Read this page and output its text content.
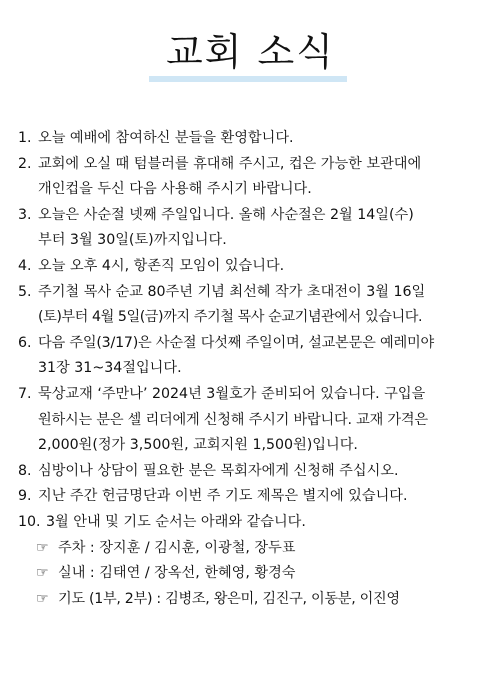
교회 소식
1. 오늘 예배에 참여하신 분들을 환영합니다.
2. 교회에 오실 때 텀블러를 휴대해 주시고, 컵은 가능한 보관대에
개인컵을 두신 다음 사용해 주시기 바랍니다.
3. 오늘은 사순절 넷째 주일입니다. 올해 사순절은 2월 14일(수)
부터 3월 30일(토)까지입니다.
4. 오늘 오후 4시, 항존직 모임이 있습니다.
5. 주기철 목사 순교 80주년 기념 최선혜 작가 초대전이 3월 16일
(토)부터 4월 5일(금)까지 주기철 목사 순교기념관에서 있습니다.
6. 다음 주일(3/17)은 사순절 다섯째 주일이며, 설교본문은 예레미야
31장 31~34절입니다.
7. 묵상교재 ‘주만나’ 2024년 3월호가 준비되어 있습니다. 구입을
원하시는 분은 셀 리더에게 신청해 주시기 바랍니다. 교재 가격은
2,000원(정가 3,500원, 교회지원 1,500원)입니다.
8. 심방이나 상담이 필요한 분은 목회자에게 신청해 주십시오.
9. 지난 주간 헌금명단과 이번 주 기도 제목은 별지에 있습니다.
10. 3월 안내 및 기도 순서는 아래와 같습니다.
☞ 주차 : 장지훈 / 김시훈, 이광철, 장두표
☞ 실내 : 김태연 / 장옥선, 한혜영, 황경숙
☞ 기도 (1부, 2부) : 김병조, 왕은미, 김진구, 이동분, 이진영
